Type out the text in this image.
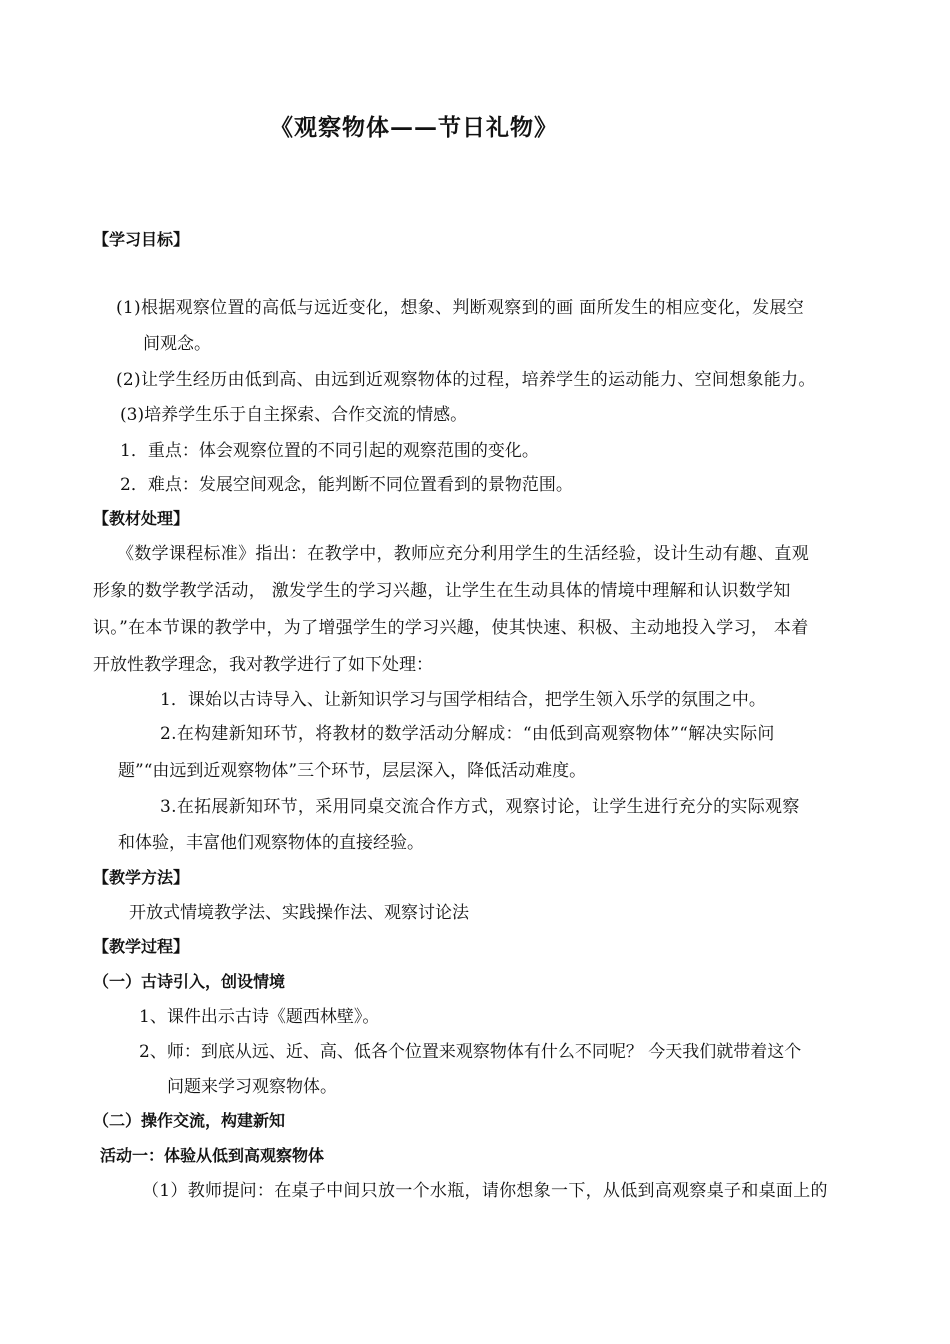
《观察物体——节日礼物》
【学习目标】
(1)根据观察位置的高低与远近变化，想象、判断观察到的画 面所发生的相应变化，发展空
间观念。
(2)让学生经历由低到高、由远到近观察物体的过程，培养学生的运动能力、空间想象能力。
(3)培养学生乐于自主探索、合作交流的情感。
1．重点：体会观察位置的不同引起的观察范围的变化。
2．难点：发展空间观念，能判断不同位置看到的景物范围。
【教材处理】
《数学课程标准》指出：在教学中，教师应充分利用学生的生活经验，设计生动有趣、直观
形象的数学教学活动， 激发学生的学习兴趣，让学生在生动具体的情境中理解和认识数学知
识。”在本节课的教学中，为了增强学生的学习兴趣，使其快速、积极、主动地投入学习， 本着
开放性教学理念，我对教学进行了如下处理：
1．课始以古诗导入、让新知识学习与国学相结合，把学生领入乐学的氛围之中。
2.在构建新知环节，将教材的数学活动分解成：“由低到高观察物体”“解决实际问
题”“由远到近观察物体”三个环节，层层深入，降低活动难度。
3.在拓展新知环节，采用同桌交流合作方式，观察讨论，让学生进行充分的实际观察
和体验，丰富他们观察物体的直接经验。
【教学方法】
开放式情境教学法、实践操作法、观察讨论法
【教学过程】
（一）古诗引入，创设情境
1、课件出示古诗《题西林壁》。
2、师：到底从远、近、高、低各个位置来观察物体有什么不同呢？ 今天我们就带着这个
问题来学习观察物体。
（二）操作交流，构建新知
活动一：体验从低到高观察物体
（1）教师提问：在桌子中间只放一个水瓶，请你想象一下，从低到高观察桌子和桌面上的
